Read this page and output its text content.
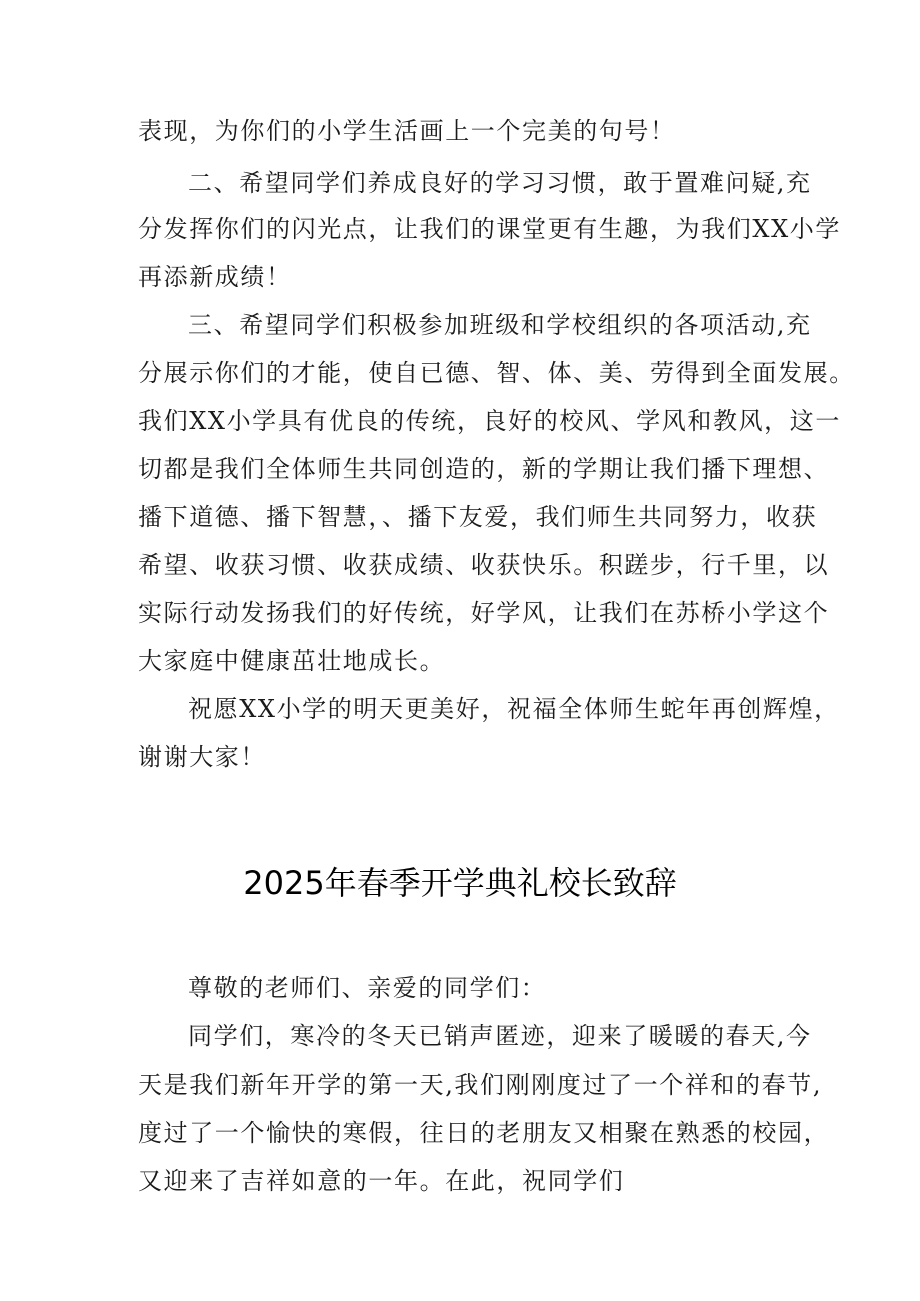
表现，为你们的小学生活画上一个完美的句号！
二、希望同学们养成良好的学习习惯，敢于置难问疑,充
分发挥你们的闪光点，让我们的课堂更有生趣，为我们XX小学
再添新成绩！
三、希望同学们积极参加班级和学校组织的各项活动,充
分展示你们的才能，使自已德、智、体、美、劳得到全面发展。
我们XX小学具有优良的传统，良好的校风、学风和教风，这一
切都是我们全体师生共同创造的，新的学期让我们播下理想、
播下道德、播下智慧，、播下友爱，我们师生共同努力，收获
希望、收获习惯、收获成绩、收获快乐。积蹉步，行千里，以
实际行动发扬我们的好传统，好学风，让我们在苏桥小学这个
大家庭中健康茁壮地成长。
祝愿XX小学的明天更美好，祝福全体师生蛇年再创辉煌，
谢谢大家！
2025年春季开学典礼校长致辞
尊敬的老师们、亲爱的同学们：
同学们，寒冷的冬天已销声匿迹，迎来了暖暖的春天,今
天是我们新年开学的第一天,我们刚刚度过了一个祥和的春节,
度过了一个愉快的寒假，往日的老朋友又相聚在熟悉的校园，
又迎来了吉祥如意的一年。在此，祝同学们
